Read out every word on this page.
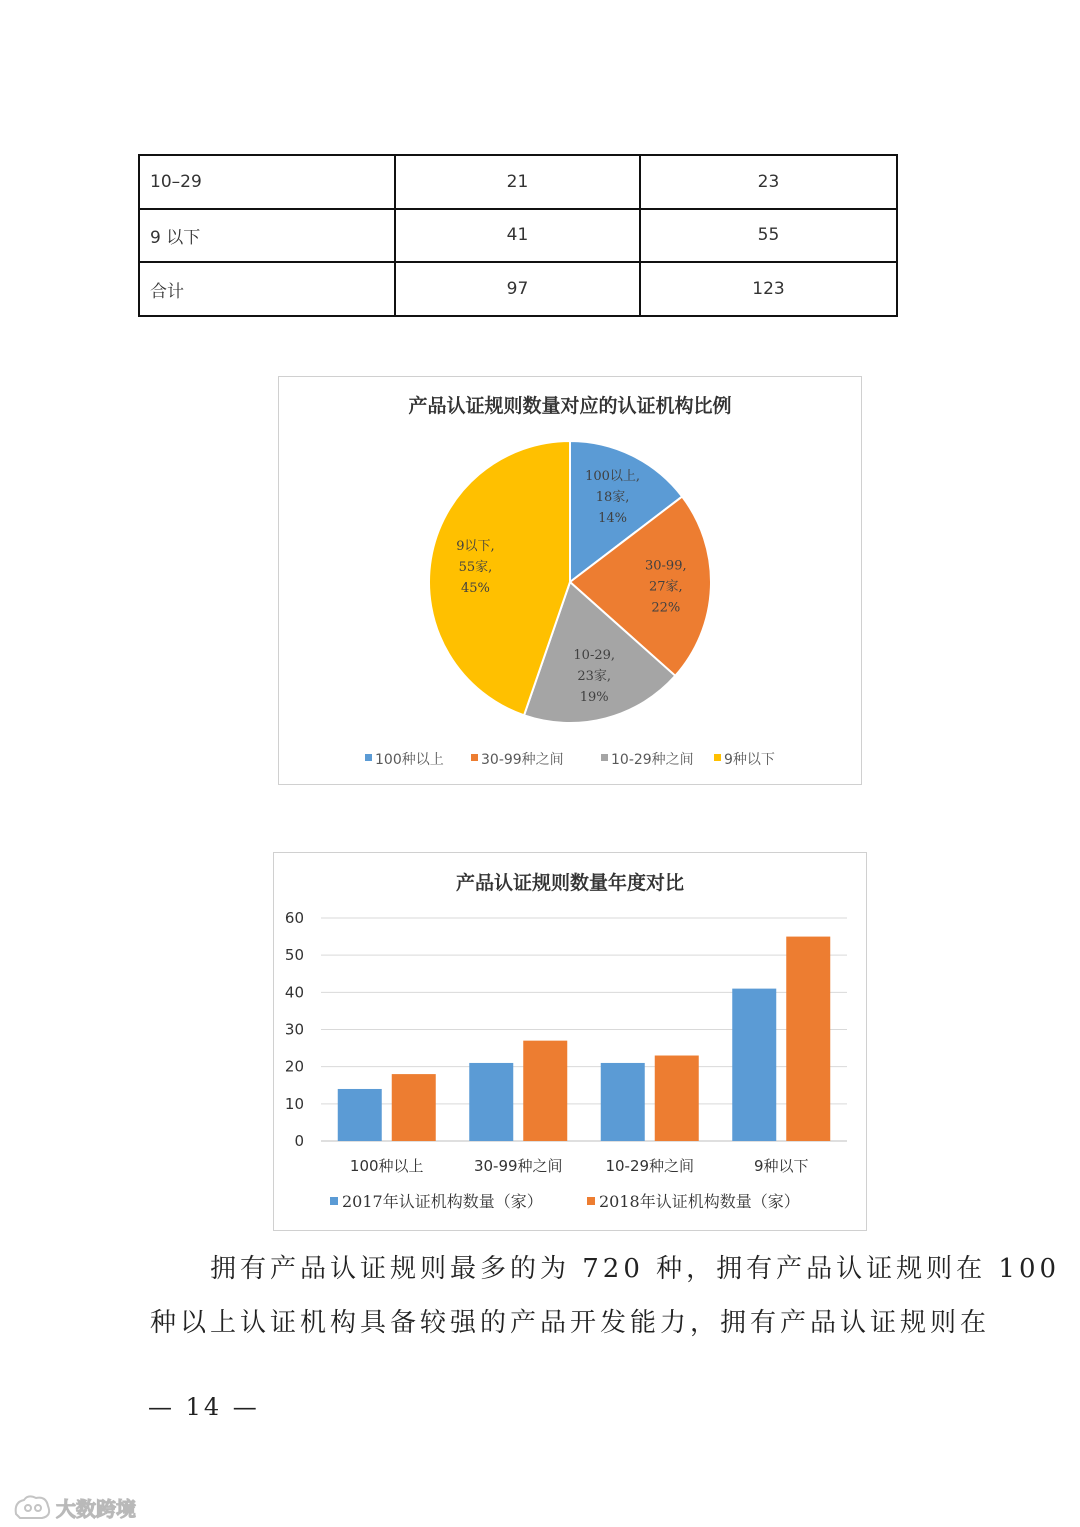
10–29	21	23
9 以下	41	55
合计	97	123
产品认证规则数量对应的认证机构比例
100以上,
18家,
14%
30-99,
27家,
22%
10-29,
23家,
19%
9以下,
55家,
45%
100种以上	30-99种之间	10-29种之间 9种以下
产品认证规则数量年度对比
0
10
20
30
40
50
60
100种以上	30-99种之间	10-29种之间	9种以下
2017年认证机构数量（家）	2018年认证机构数量（家）
拥有产品认证规则最多的为 720 种，拥有产品认证规则在 100
种以上认证机构具备较强的产品开发能力，拥有产品认证规则在
— 14 —
大数跨境
